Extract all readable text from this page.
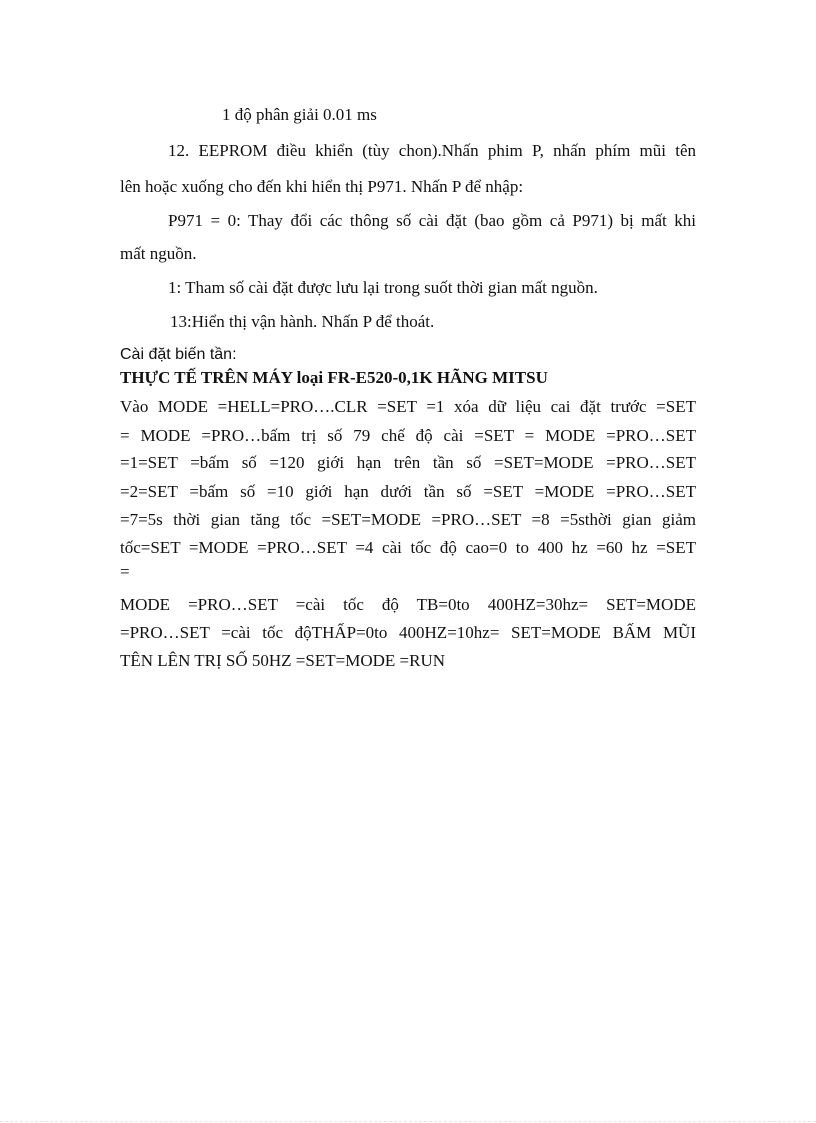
1 độ phân giải 0.01 ms
12. EEPROM điều khiển (tùy chon).Nhấn phim P, nhấn phím mũi tên
lên hoặc xuống cho đến khi hiển thị P971. Nhấn P để nhập:
P971 = 0: Thay đổi các thông số cài đặt (bao gồm cả P971) bị mất khi
mất nguồn.
1: Tham số cài đặt được lưu lại trong suốt thời gian mất nguồn.
13:Hiển thị vận hành. Nhấn P để thoát.
Cài đặt biến tần:
THỰC TẾ TRÊN MÁY loại FR-E520-0,1K HÃNG MITSU
Vào MODE =HELL=PRO….CLR =SET =1 xóa dữ liệu cai đặt trước =SET
= MODE =PRO…bấm trị số 79 chế độ cài =SET = MODE =PRO…SET
=1=SET =bấm số =120 giới hạn trên tần số =SET=MODE =PRO…SET
=2=SET =bấm số =10 giới hạn dưới tần số =SET =MODE =PRO…SET
=7=5s thời gian tăng tốc =SET=MODE =PRO…SET =8 =5sthời gian giảm
tốc=SET =MODE =PRO…SET =4 cài tốc độ cao=0 to 400 hz =60 hz =SET
=
MODE =PRO…SET =cài tốc độ TB=0to 400HZ=30hz= SET=MODE
=PRO…SET =cài tốc độTHẤP=0to 400HZ=10hz= SET=MODE BẤM MŨI
TÊN LÊN TRỊ SỐ 50HZ =SET=MODE =RUN
